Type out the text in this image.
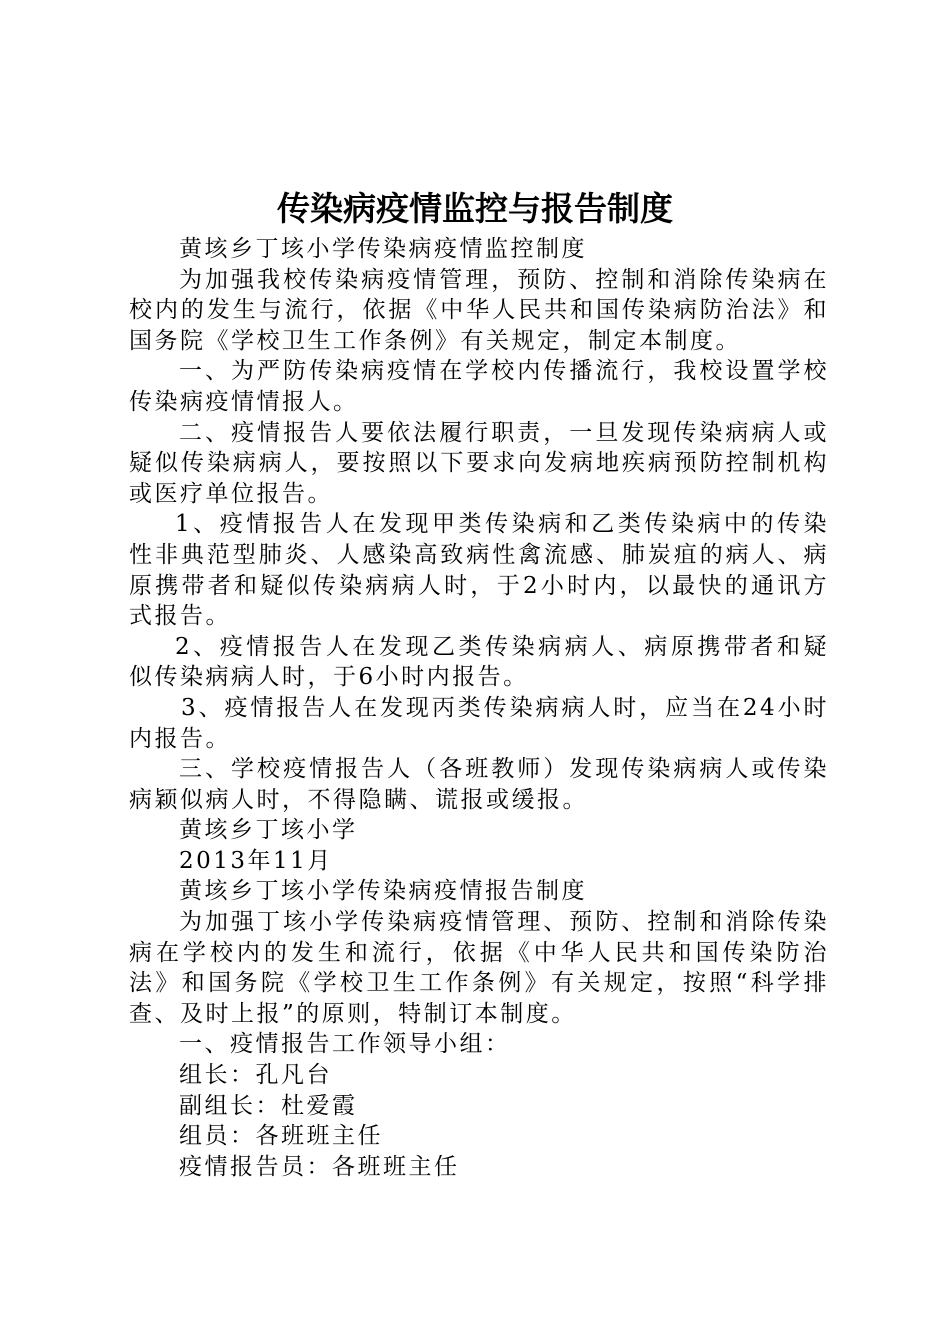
传染病疫情监控与报告制度

黄垓乡丁垓小学传染病疫情监控制度

为加强我校传染病疫情管理，预防、控制和消除传染病在校内的发生与流行，依据《中华人民共和国传染病防治法》和国务院《学校卫生工作条例》有关规定，制定本制度。

一、为严防传染病疫情在学校内传播流行，我校设置学校传染病疫情情报人。

二、疫情报告人要依法履行职责，一旦发现传染病病人或疑似传染病病人，要按照以下要求向发病地疾病预防控制机构或医疗单位报告。

1、疫情报告人在发现甲类传染病和乙类传染病中的传染性非典范型肺炎、人感染高致病性禽流感、肺炭疽的病人、病原携带者和疑似传染病病人时，于2小时内，以最快的通讯方式报告。

2、疫情报告人在发现乙类传染病病人、病原携带者和疑似传染病病人时，于6小时内报告。

3、疫情报告人在发现丙类传染病病人时，应当在24小时内报告。

三、学校疫情报告人（各班教师）发现传染病病人或传染病颖似病人时，不得隐瞒、谎报或缓报。

黄垓乡丁垓小学

2013年11月

黄垓乡丁垓小学传染病疫情报告制度

为加强丁垓小学传染病疫情管理、预防、控制和消除传染病在学校内的发生和流行，依据《中华人民共和国传染防治法》和国务院《学校卫生工作条例》有关规定，按照“科学排查、及时上报”的原则，特制订本制度。

一、疫情报告工作领导小组：

组长：孔凡台

副组长：杜爱霞

组员：各班班主任

疫情报告员：各班班主任
